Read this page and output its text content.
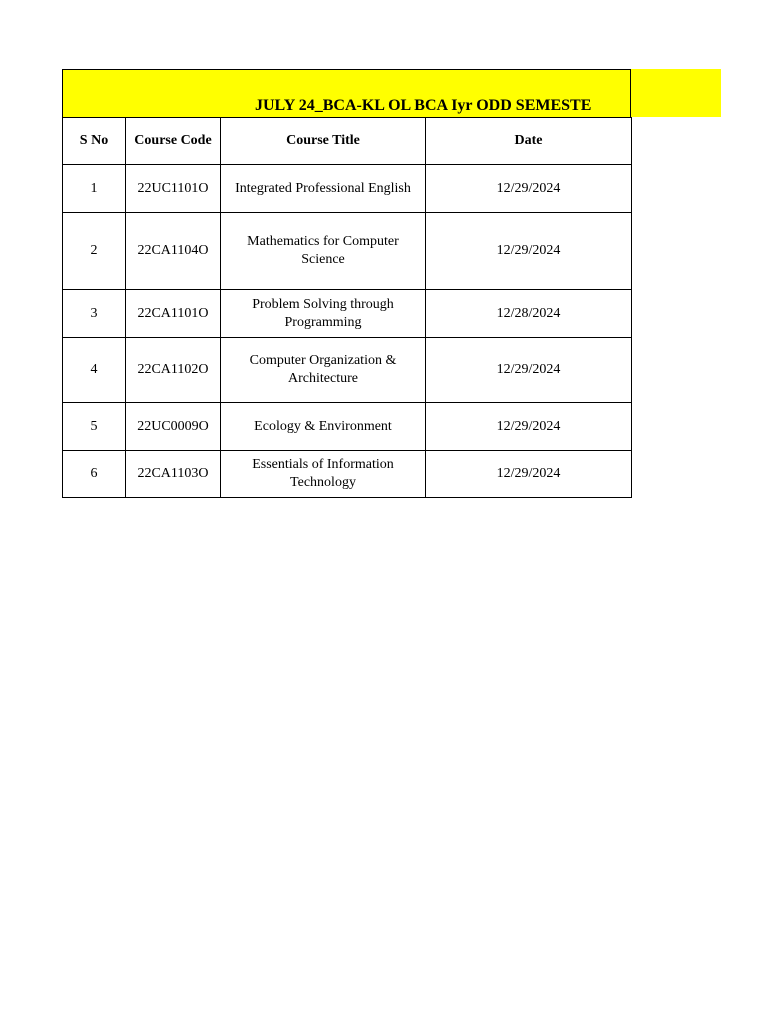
JULY 24_BCA-KL OL BCA Iyr ODD SEMESTE
S No	Course Code	Course Title	Date
1	22UC1101O	Integrated Professional English	12/29/2024
2	22CA1104O	Mathematics for Computer Science	12/29/2024
3	22CA1101O	Problem Solving through Programming	12/28/2024
4	22CA1102O	Computer Organization & Architecture	12/29/2024
5	22UC0009O	Ecology & Environment	12/29/2024
6	22CA1103O	Essentials of Information Technology	12/29/2024
